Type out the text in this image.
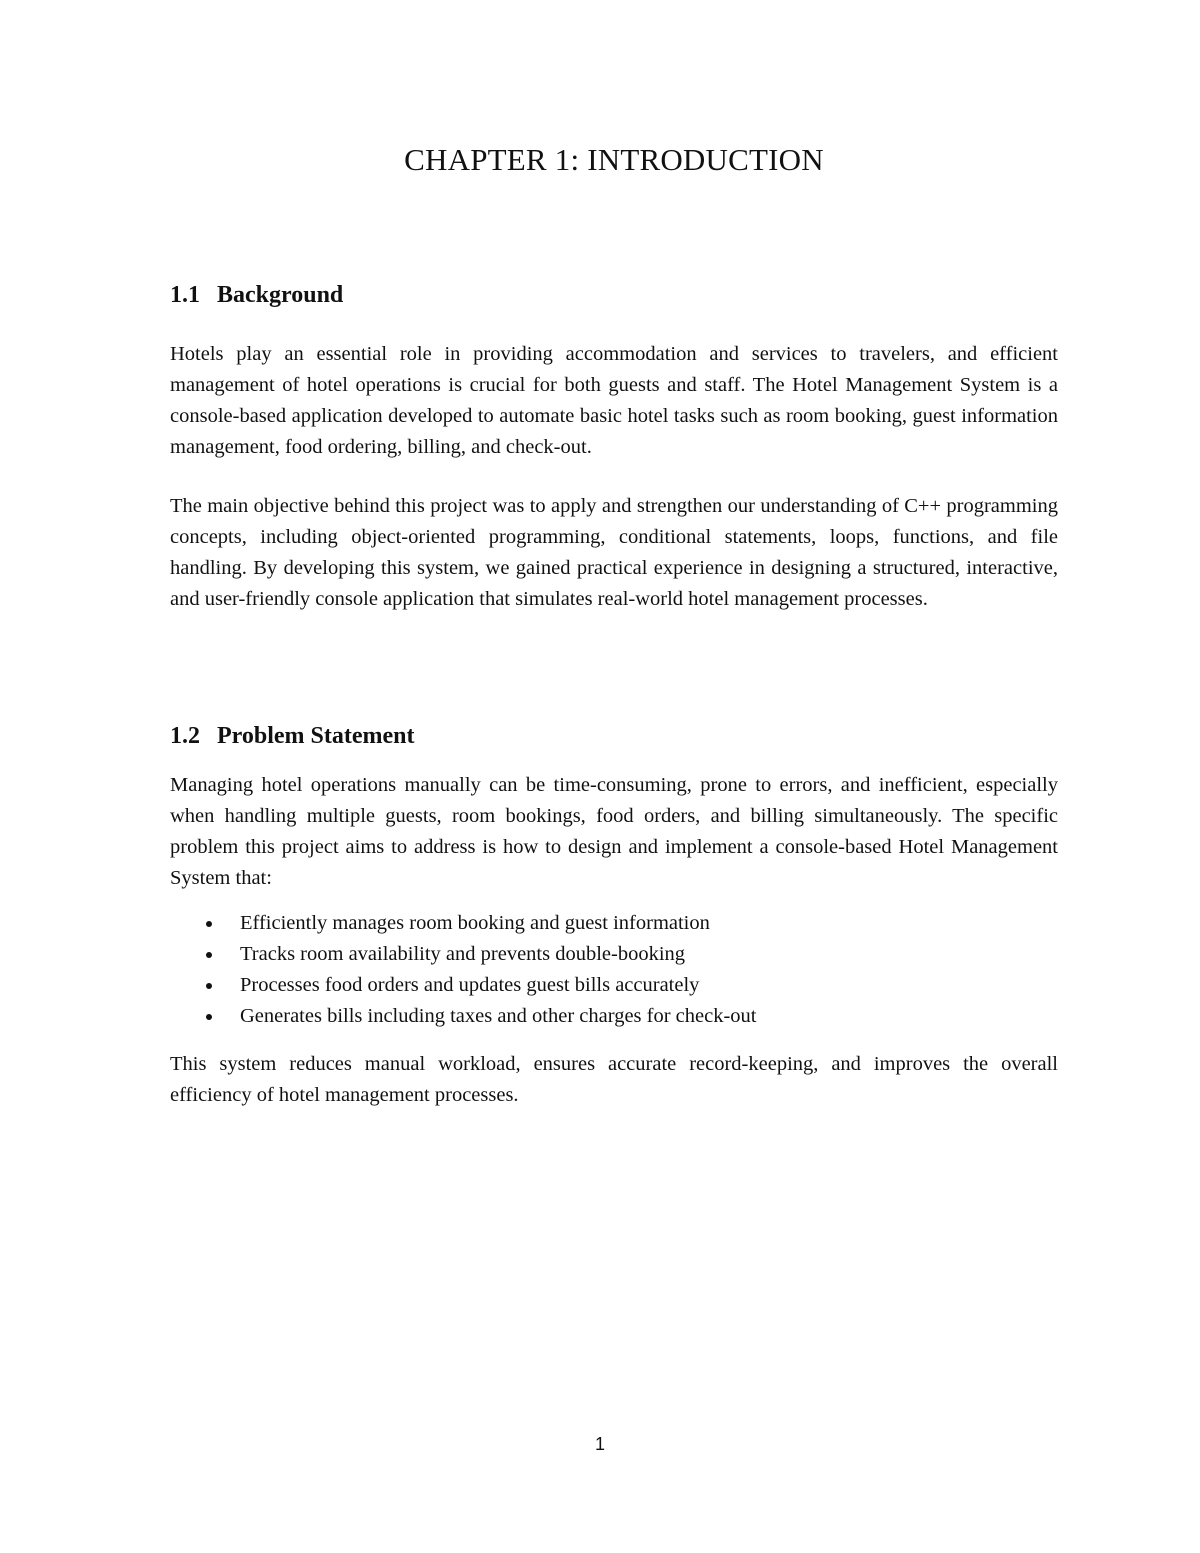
CHAPTER 1: INTRODUCTION
1.1 Background

Hotels play an essential role in providing accommodation and services to travelers, and efficient management of hotel operations is crucial for both guests and staff. The Hotel Management System is a console-based application developed to automate basic hotel tasks such as room booking, guest information management, food ordering, billing, and check-out.

The main objective behind this project was to apply and strengthen our understanding of C++ programming concepts, including object-oriented programming, conditional statements, loops, functions, and file handling. By developing this system, we gained practical experience in designing a structured, interactive, and user-friendly console application that simulates real-world hotel management processes.

1.2 Problem Statement

Managing hotel operations manually can be time-consuming, prone to errors, and inefficient, especially when handling multiple guests, room bookings, food orders, and billing simultaneously. The specific problem this project aims to address is how to design and implement a console-based Hotel Management System that:

Efficiently manages room booking and guest information
Tracks room availability and prevents double-booking
Processes food orders and updates guest bills accurately
Generates bills including taxes and other charges for check-out

This system reduces manual workload, ensures accurate record-keeping, and improves the overall efficiency of hotel management processes.

1
